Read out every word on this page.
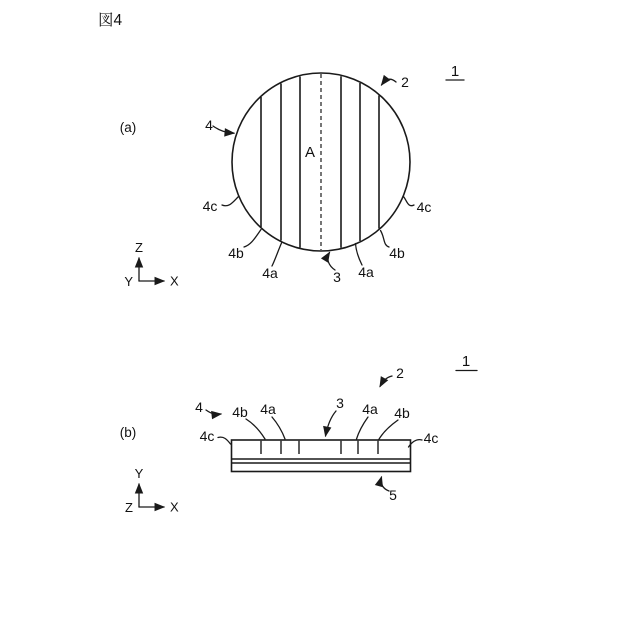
図4
(a)
A
1
2
4
4c	4c
4b	4b
4a	4a
3
Z
X
Y
(b)
1
2
4 4b 4a	3 4a 4b
4c	4c
5
Y
X
Z
